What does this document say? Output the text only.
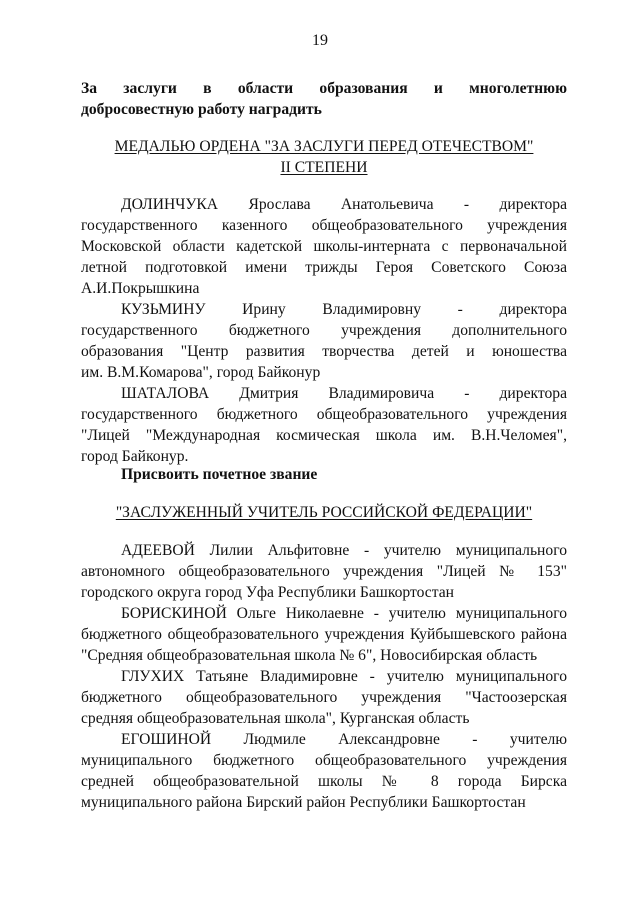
19
За заслуги в области образования и многолетнюю
добросовестную работу наградить
МЕДАЛЬЮ ОРДЕНА "ЗА ЗАСЛУГИ ПЕРЕД ОТЕЧЕСТВОМ"
II СТЕПЕНИ
ДОЛИНЧУКА Ярослава Анатольевича - директора
государственного казенного общеобразовательного учреждения
Московской области кадетской школы-интерната с первоначальной
летной подготовкой имени трижды Героя Советского Союза
А.И.Покрышкина
КУЗЬМИНУ Ирину Владимировну - директора
государственного бюджетного учреждения дополнительного
образования "Центр развития творчества детей и юношества
им. В.М.Комарова", город Байконур
ШАТАЛОВА Дмитрия Владимировича - директора
государственного бюджетного общеобразовательного учреждения
"Лицей "Международная космическая школа им. В.Н.Челомея",
город Байконур.
Присвоить почетное звание
"ЗАСЛУЖЕННЫЙ УЧИТЕЛЬ РОССИЙСКОЙ ФЕДЕРАЦИИ"
АДЕЕВОЙ Лилии Альфитовне - учителю муниципального
автономного общеобразовательного учреждения "Лицей № 153"
городского округа город Уфа Республики Башкортостан
БОРИСКИНОЙ Ольге Николаевне - учителю муниципального
бюджетного общеобразовательного учреждения Куйбышевского района
"Средняя общеобразовательная школа № 6", Новосибирская область
ГЛУХИХ Татьяне Владимировне - учителю муниципального
бюджетного общеобразовательного учреждения "Частоозерская
средняя общеобразовательная школа", Курганская область
ЕГОШИНОЙ Людмиле Александровне - учителю
муниципального бюджетного общеобразовательного учреждения
средней общеобразовательной школы № 8 города Бирска
муниципального района Бирский район Республики Башкортостан
